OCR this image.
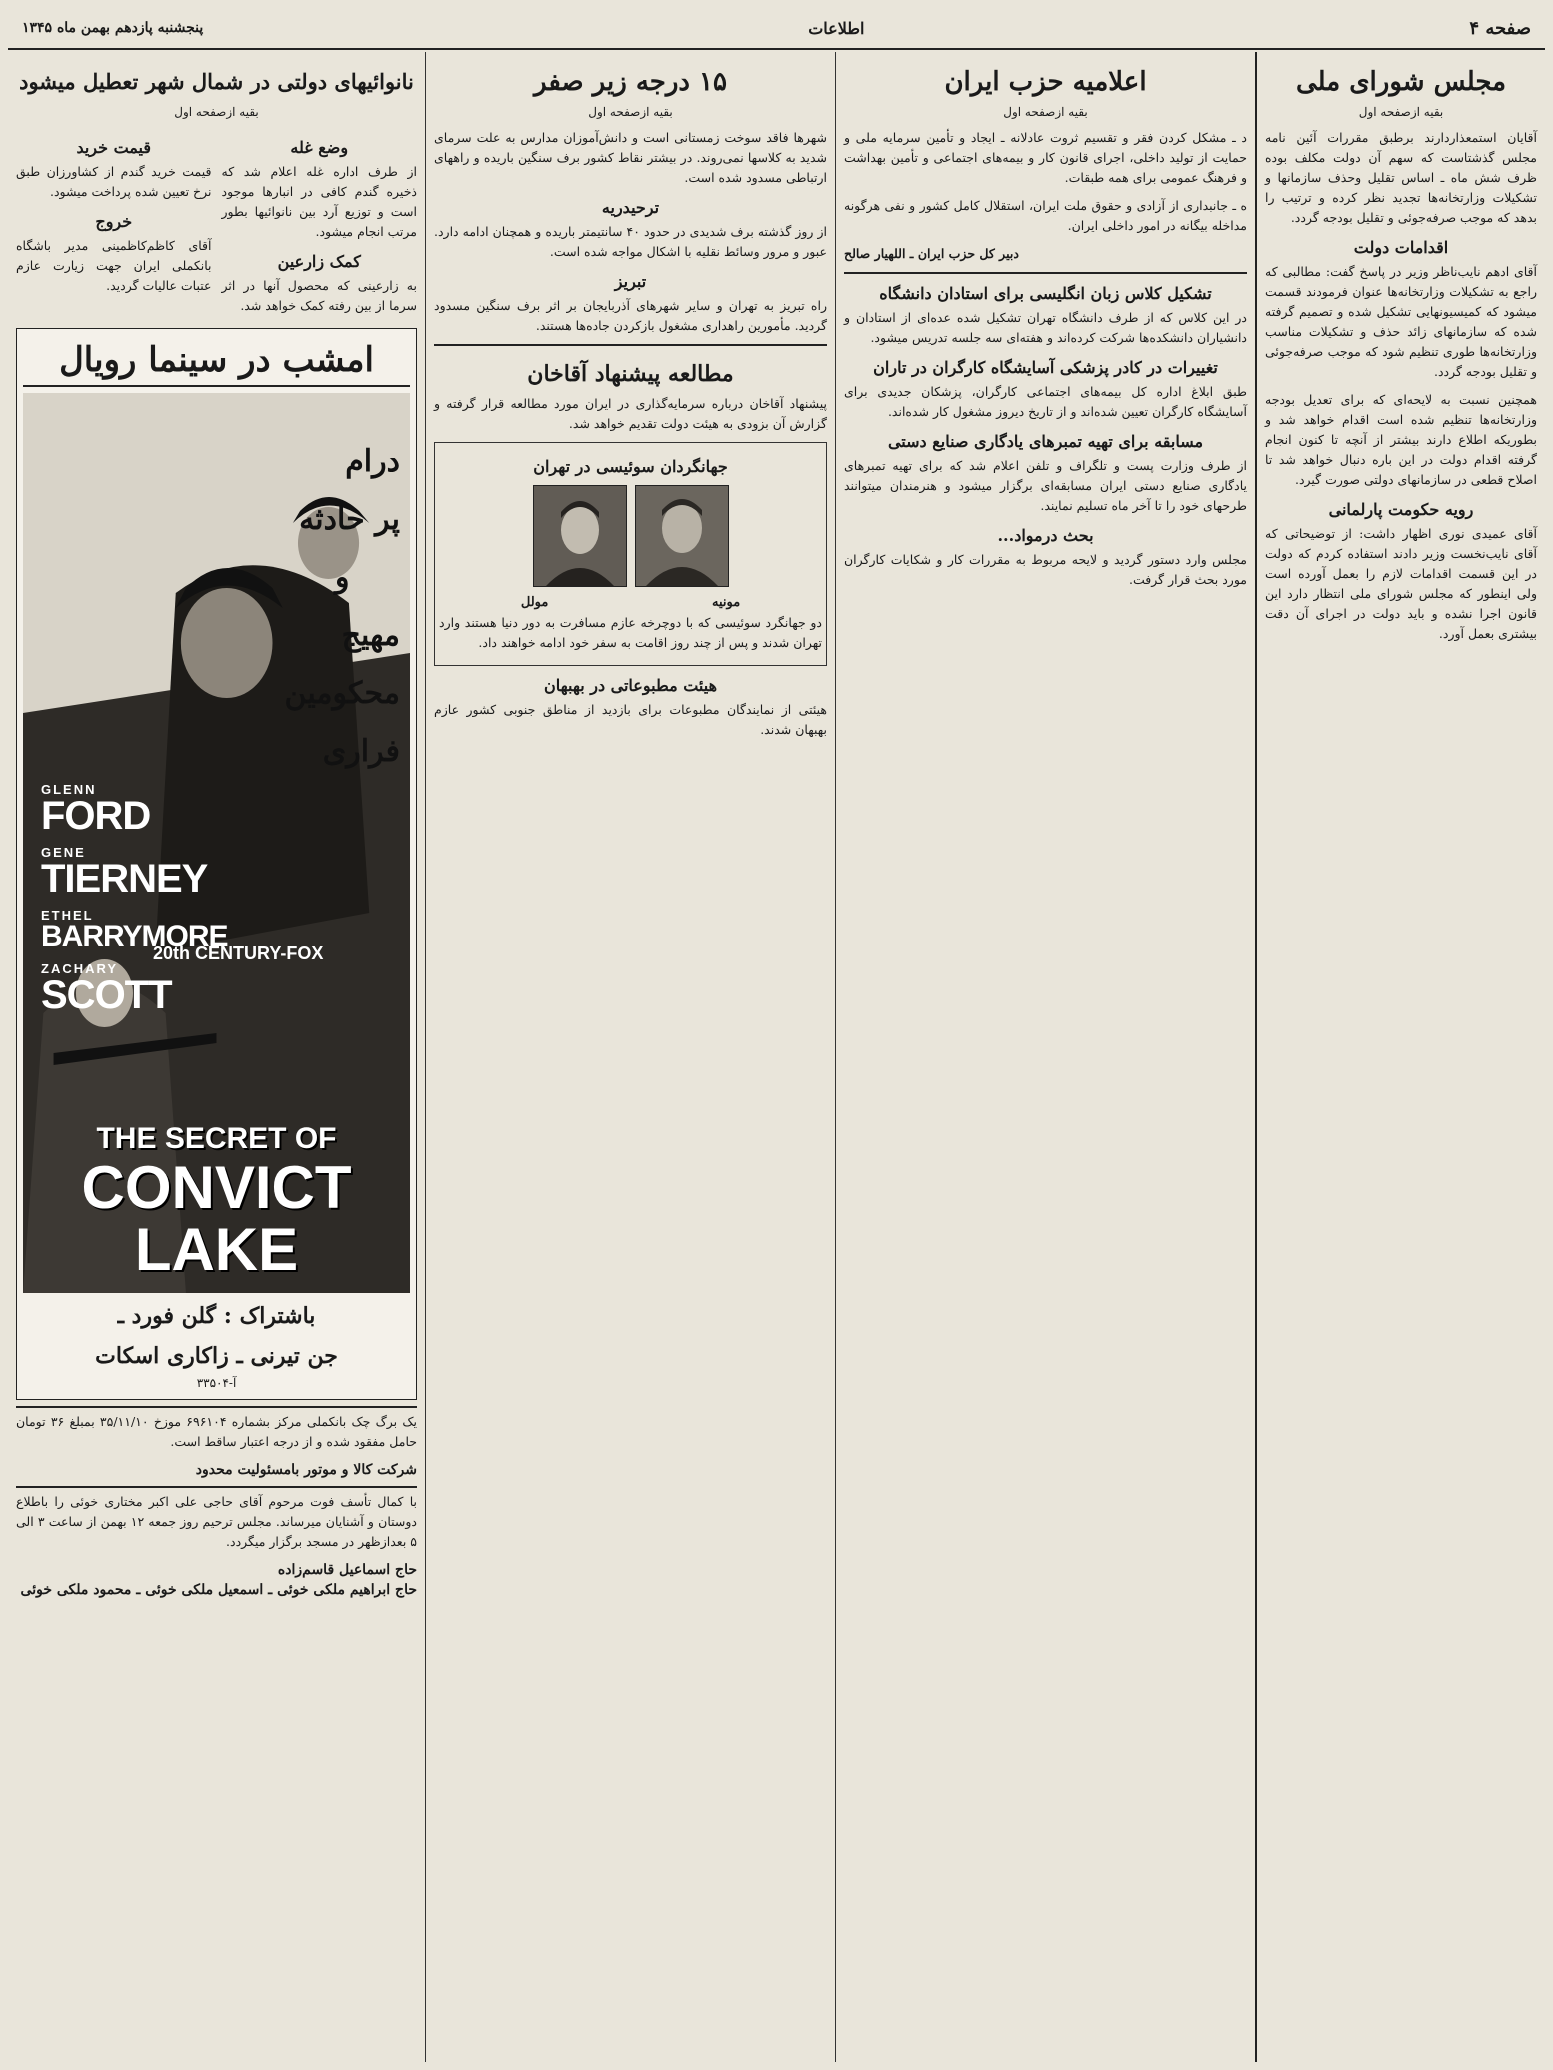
صفحه ۴
اطلاعات
پنجشنبه پازدهم بهمن ماه ۱۳۴۵
مجلس شورای ملی
بقیه ازصفحه اول

آقایان استمعذاردارند برطبق مقررات آئین نامه مجلس گذشتاست که سهم آن دولت مکلف بوده ظرف شش ماه ـ اساس تقلیل وحذف سازمانها و تشکیلات وزارتخانه‌ها تجدید نظر کرده و ترتیب را بدهد که موجب صرفه‌جوئی و تقلیل بودجه گردد.

اقدامات دولت

آقای ادهم نایب‌ناظر وزیر در پاسخ گفت: مطالبی که راجع به تشکیلات وزارتخانه‌ها عنوان فرمودند قسمت میشود که کمیسیونهایی تشکیل شده و تصمیم گرفته شده که سازمانهای زائد حذف و تشکیلات مناسب وزارتخانه‌ها طوری تنظیم شود که موجب صرفه‌جوئی و تقلیل بودجه گردد.

همچنین نسبت به لایحه‌ای که برای تعدیل بودجه وزارتخانه‌ها تنظیم شده است اقدام خواهد شد و بطوریکه اطلاع دارند بیشتر از آنچه تا کنون انجام گرفته اقدام دولت در این باره دنبال خواهد شد تا اصلاح قطعی در سازمانهای دولتی صورت گیرد.

رویه حکومت پارلمانی

آقای عمیدی نوری اظهار داشت: از توضیحاتی که آقای نایب‌نخست وزیر دادند استفاده کردم که دولت در این قسمت اقدامات لازم را بعمل آورده است ولی اینطور که مجلس شورای ملی انتظار دارد این قانون اجرا نشده و باید دولت در اجرای آن دقت بیشتری بعمل آورد.

اعلامیه حزب ایران
بقیه ازصفحه اول

د ـ مشکل کردن فقر و تقسیم ثروت عادلانه ـ ایجاد و تأمین سرمایه ملی و حمایت از تولید داخلی، اجرای قانون کار و بیمه‌های اجتماعی و تأمین بهداشت و فرهنگ عمومی برای همه طبقات.

ه ـ جانبداری از آزادی و حقوق ملت ایران، استقلال کامل کشور و نفی هرگونه مداخله بیگانه در امور داخلی ایران.

دبیر کل حزب ایران ـ اللهیار صالح

تشکیل کلاس زبان انگلیسی برای استادان دانشگاه

در این کلاس که از طرف دانشگاه تهران تشکیل شده عده‌ای از استادان و دانشیاران دانشکده‌ها شرکت کرده‌اند و هفته‌ای سه جلسه تدریس میشود.

تغییرات در کادر پزشکی آسایشگاه کارگران در تاران

طبق ابلاغ اداره کل بیمه‌های اجتماعی کارگران، پزشکان جدیدی برای آسایشگاه کارگران تعیین شده‌اند و از تاریخ دیروز مشغول کار شده‌اند.

مسابقه برای تهیه تمبرهای یادگاری صنایع دستی

از طرف وزارت پست و تلگراف و تلفن اعلام شد که برای تهیه تمبرهای یادگاری صنایع دستی ایران مسابقه‌ای برگزار میشود و هنرمندان میتوانند طرحهای خود را تا آخر ماه تسلیم نمایند.

بحث درمواد...

مجلس وارد دستور گردید و لایحه مربوط به مقررات کار و شکایات کارگران مورد بحث قرار گرفت.

۱۵ درجه زیر صفر
بقیه ازصفحه اول

شهرها فاقد سوخت زمستانی است و دانش‌آموزان مدارس به علت سرمای شدید به کلاسها نمی‌روند. در بیشتر نقاط کشور برف سنگین باریده و راههای ارتباطی مسدود شده است.

ترحیدریه

از روز گذشته برف شدیدی در حدود ۴۰ سانتیمتر باریده و همچنان ادامه دارد. عبور و مرور وسائط نقلیه با اشکال مواجه شده است.

تبریز

راه تبریز به تهران و سایر شهرهای آذربایجان بر اثر برف سنگین مسدود گردید. مأمورین راهداری مشغول بازکردن جاده‌ها هستند.

مطالعه پیشنهاد آقاخان

پیشنهاد آقاخان درباره سرمایه‌گذاری در ایران مورد مطالعه قرار گرفته و گزارش آن بزودی به هیئت دولت تقدیم خواهد شد.

جهانگردان سوئیسی در تهران
مونیه
مولل

دو جهانگرد سوئیسی که با دوچرخه عازم مسافرت به دور دنیا هستند وارد تهران شدند و پس از چند روز اقامت به سفر خود ادامه خواهند داد.

هیئت مطبوعاتی در بهبهان

هیئتی از نمایندگان مطبوعات برای بازدید از مناطق جنوبی کشور عازم بهبهان شدند.

نانوائیهای دولتی در شمال شهر تعطیل میشود
بقیه ازصفحه اول
وضع غله

از طرف اداره غله اعلام شد که ذخیره گندم کافی در انبارها موجود است و توزیع آرد بین نانوائیها بطور مرتب انجام میشود.

کمک زارعین

به زارعینی که محصول آنها در اثر سرما از بین رفته کمک خواهد شد.

قیمت خرید

قیمت خرید گندم از کشاورزان طبق نرخ تعیین شده پرداخت میشود.

خروج

آقای کاظم‌کاظمینی مدیر باشگاه بانکملی ایران جهت زیارت عازم عتبات عالیات گردید.

امشب در سینما رویال
درام
پر حادثه
و
مهیج
محکومین
فراری
GLENN
FORD
GENE
TIERNEY
ETHEL
BARRYMORE
ZACHARY
SCOTT
20th CENTURY-FOX
THE SECRET OF
CONVICT
LAKE
باشتراک : گلن فورد ـ
جن تیرنی ـ زاکاری اسکات
آ-۳۳۵۰۴

یک برگ چک بانکملی مرکز بشماره ۶۹۶۱۰۴ موزخ ۳۵/۱۱/۱۰ بمبلغ ۳۶ تومان حامل مفقود شده و از درجه اعتبار ساقط است.

شرکت کالا و موتور بامسئولیت محدود

با کمال تأسف فوت مرحوم آقای حاجی علی اکبر مختاری خوئی را باطلاع دوستان و آشنایان میرساند. مجلس ترحیم روز جمعه ۱۲ بهمن از ساعت ۳ الی ۵ بعدازظهر در مسجد برگزار میگردد.

حاج اسماعیل قاسم‌زاده
حاج ابراهیم ملکی خوئی ـ اسمعیل ملکی خوئی ـ محمود ملکی خوئی
